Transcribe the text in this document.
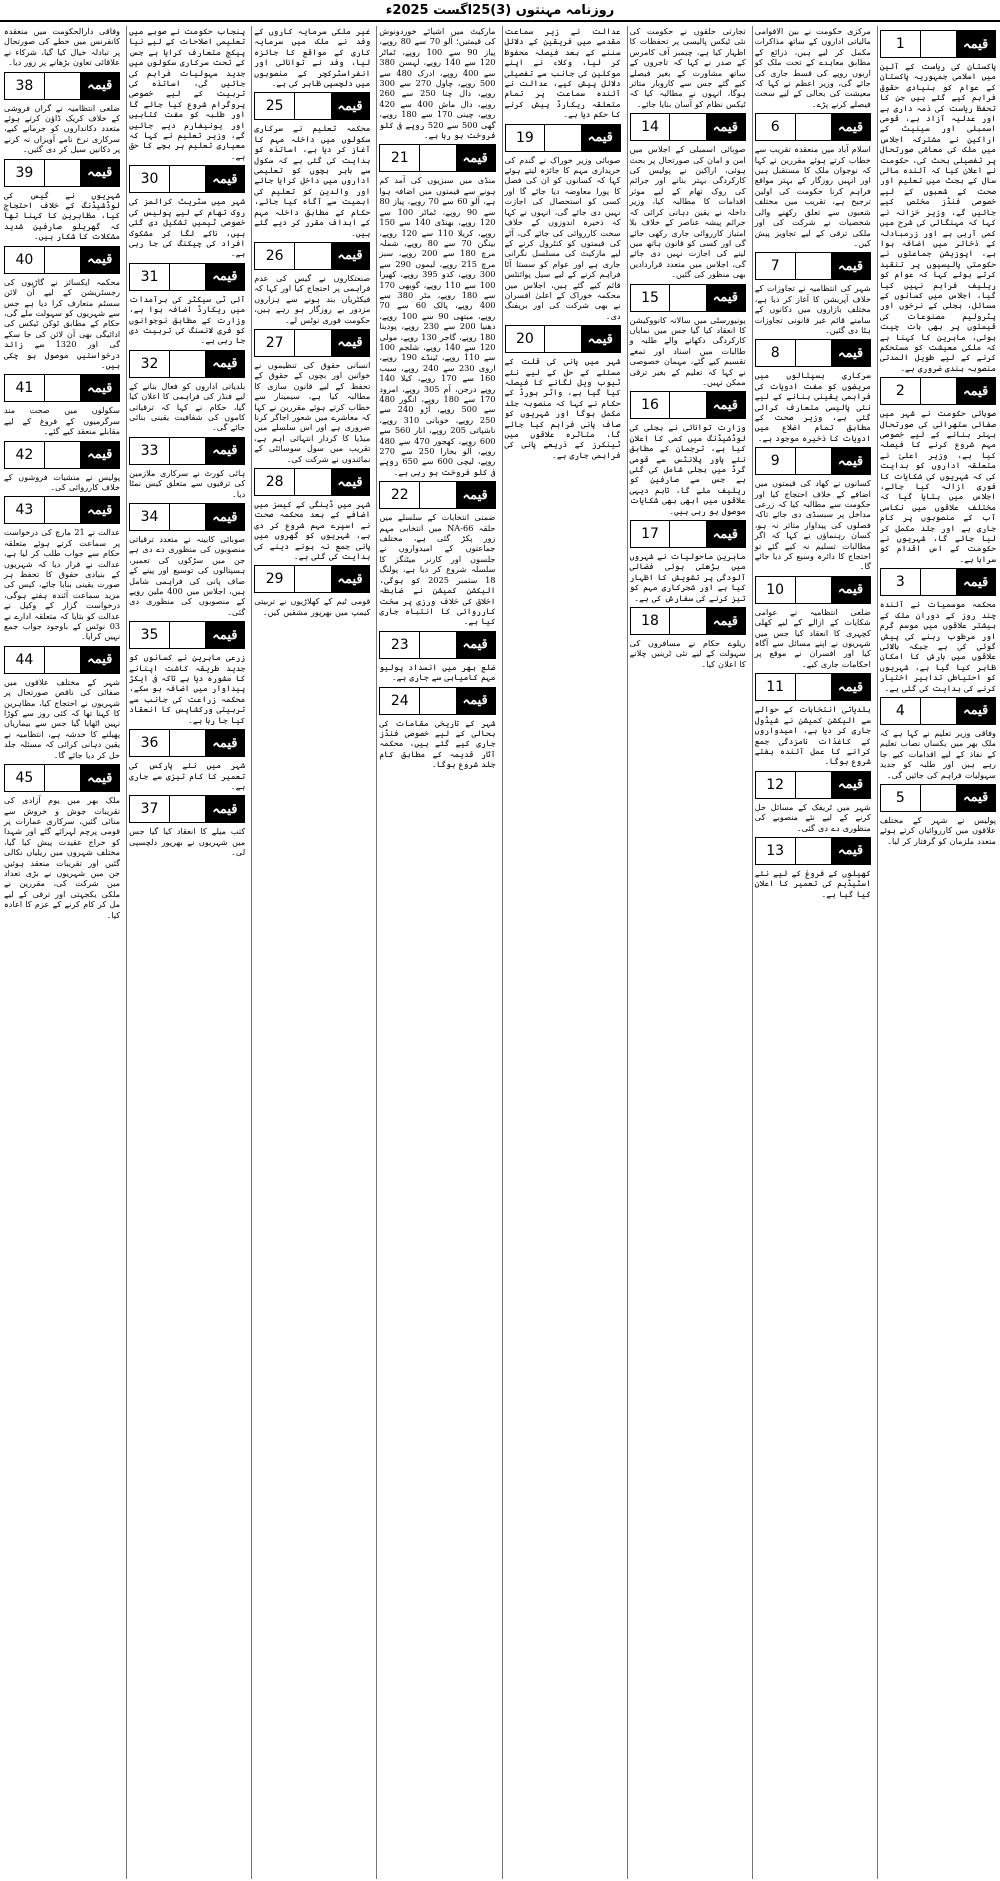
روزنامہ مہنتوں (3)25اگست 2025ء
قیمہ
1
پاکستان کی ریاست کے آئین میں اسلامی جمہوریہ پاکستان کے عوام کو بنیادی حقوق فراہم کیے گئے ہیں جن کا تحفظ ریاست کی ذمہ داری ہے اور عدلیہ آزاد ہے، قومی اسمبلی اور سینیٹ کے اراکین نے مشترکہ اجلاس میں ملک کی معاشی صورتحال پر تفصیلی بحث کی، حکومت نے اعلان کیا کہ آئندہ مالی سال کے بجٹ میں تعلیم اور صحت کے شعبوں کے لیے خصوصی فنڈز مختص کیے جائیں گے، وزیر خزانہ نے کہا کہ مہنگائی کی شرح میں کمی آرہی ہے اور زرمبادلہ کے ذخائر میں اضافہ ہوا ہے، اپوزیشن جماعتوں نے حکومتی پالیسیوں پر تنقید کرتے ہوئے کہا کہ عوام کو ریلیف فراہم نہیں کیا گیا، اجلاس میں کسانوں کے مسائل، بجلی کے نرخوں اور پٹرولیم مصنوعات کی قیمتوں پر بھی بات چیت ہوئی، ماہرین کا کہنا ہے کہ ملکی معیشت کو مستحکم کرنے کے لیے طویل المدتی منصوبہ بندی ضروری ہے۔
قیمہ
2
صوبائی حکومت نے شہر میں صفائی ستھرائی کی صورتحال بہتر بنانے کے لیے خصوصی مہم شروع کرنے کا فیصلہ کیا ہے، وزیر اعلیٰ نے متعلقہ اداروں کو ہدایت کی کہ شہریوں کی شکایات کا فوری ازالہ کیا جائے، اجلاس میں بتایا گیا کہ مختلف علاقوں میں نکاسی آب کے منصوبوں پر کام جاری ہے اور جلد مکمل کر لیا جائے گا، شہریوں نے حکومت کے اس اقدام کو سراہا ہے۔
قیمہ
3
محکمہ موسمیات نے آئندہ چند روز کے دوران ملک کے بیشتر علاقوں میں موسم گرم اور مرطوب رہنے کی پیش گوئی کی ہے جبکہ بالائی علاقوں میں بارش کا امکان ظاہر کیا گیا ہے، شہریوں کو احتیاطی تدابیر اختیار کرنے کی ہدایت کی گئی ہے۔
قیمہ
4
وفاقی وزیر تعلیم نے کہا ہے کہ ملک بھر میں یکساں نصاب تعلیم کے نفاذ کے لیے اقدامات کیے جا رہے ہیں اور طلبہ کو جدید سہولیات فراہم کی جائیں گی۔
قیمہ
5
پولیس نے شہر کے مختلف علاقوں میں کارروائیاں کرتے ہوئے متعدد ملزمان کو گرفتار کر لیا۔
مرکزی حکومت نے بین الاقوامی مالیاتی اداروں کے ساتھ مذاکرات مکمل کر لیے ہیں، ذرائع کے مطابق معاہدے کے تحت ملک کو اربوں روپے کی قسط جاری کی جائے گی، وزیر اعظم نے کہا کہ معیشت کی بحالی کے لیے سخت فیصلے کرنے پڑے۔
قیمہ
6
اسلام آباد میں منعقدہ تقریب سے خطاب کرتے ہوئے مقررین نے کہا کہ نوجوان ملک کا مستقبل ہیں اور انہیں روزگار کے بہتر مواقع فراہم کرنا حکومت کی اولین ترجیح ہے، تقریب میں مختلف شعبوں سے تعلق رکھنے والی شخصیات نے شرکت کی اور ملکی ترقی کے لیے تجاویز پیش کیں۔
قیمہ
7
شہر کی انتظامیہ نے تجاوزات کے خلاف آپریشن کا آغاز کر دیا ہے، مختلف بازاروں میں دکانوں کے سامنے قائم غیر قانونی تجاوزات ہٹا دی گئیں۔
قیمہ
8
سرکاری ہسپتالوں میں مریضوں کو مفت ادویات کی فراہمی یقینی بنانے کے لیے نئی پالیسی متعارف کرائی گئی ہے، وزیر صحت کے مطابق تمام اضلاع میں ادویات کا ذخیرہ موجود ہے۔
قیمہ
9
کسانوں نے کھاد کی قیمتوں میں اضافے کے خلاف احتجاج کیا اور حکومت سے مطالبہ کیا کہ زرعی مداخل پر سبسڈی دی جائے تاکہ فصلوں کی پیداوار متاثر نہ ہو، کسان رہنماؤں نے کہا کہ اگر مطالبات تسلیم نہ کیے گئے تو احتجاج کا دائرہ وسیع کر دیا جائے گا۔
قیمہ
10
ضلعی انتظامیہ نے عوامی شکایات کے ازالے کے لیے کھلی کچہری کا انعقاد کیا جس میں شہریوں نے اپنے مسائل سے آگاہ کیا اور افسران نے موقع پر احکامات جاری کیے۔
قیمہ
11
بلدیاتی انتخابات کے حوالے سے الیکشن کمیشن نے شیڈول جاری کر دیا ہے، امیدواروں کے کاغذات نامزدگی جمع کرانے کا عمل آئندہ ہفتے شروع ہوگا۔
قیمہ
12
شہر میں ٹریفک کے مسائل حل کرنے کے لیے نئے منصوبے کی منظوری دے دی گئی۔
قیمہ
13
کھیلوں کے فروغ کے لیے نئے اسٹیڈیم کی تعمیر کا اعلان کیا گیا ہے۔
تجارتی حلقوں نے حکومت کی نئی ٹیکس پالیسی پر تحفظات کا اظہار کیا ہے، چیمبر آف کامرس کے صدر نے کہا کہ تاجروں کے ساتھ مشاورت کے بغیر فیصلے کیے گئے جس سے کاروبار متاثر ہوگا، انہوں نے مطالبہ کیا کہ ٹیکس نظام کو آسان بنایا جائے۔
قیمہ
14
صوبائی اسمبلی کے اجلاس میں امن و امان کی صورتحال پر بحث ہوئی، اراکین نے پولیس کی کارکردگی بہتر بنانے اور جرائم کی روک تھام کے لیے موثر اقدامات کا مطالبہ کیا، وزیر داخلہ نے یقین دہانی کرائی کہ جرائم پیشہ عناصر کے خلاف بلا امتیاز کارروائی جاری رکھی جائے گی اور کسی کو قانون ہاتھ میں لینے کی اجازت نہیں دی جائے گی، اجلاس میں متعدد قراردادیں بھی منظور کی گئیں۔
قیمہ
15
یونیورسٹی میں سالانہ کانووکیشن کا انعقاد کیا گیا جس میں نمایاں کارکردگی دکھانے والے طلبہ و طالبات میں اسناد اور تمغے تقسیم کیے گئے، مہمان خصوصی نے کہا کہ تعلیم کے بغیر ترقی ممکن نہیں۔
قیمہ
16
وزارت توانائی نے بجلی کی لوڈشیڈنگ میں کمی کا اعلان کیا ہے، ترجمان کے مطابق نئے پاور پلانٹس سے قومی گرڈ میں بجلی شامل کی گئی ہے جس سے صارفین کو ریلیف ملے گا، تاہم دیہی علاقوں میں ابھی بھی شکایات موصول ہو رہی ہیں۔
قیمہ
17
ماہرین ماحولیات نے شہروں میں بڑھتی ہوئی فضائی آلودگی پر تشویش کا اظہار کیا ہے اور شجرکاری مہم کو تیز کرنے کی سفارش کی ہے۔
قیمہ
18
ریلوے حکام نے مسافروں کی سہولت کے لیے نئی ٹرینیں چلانے کا اعلان کیا۔
عدالت نے زیر سماعت مقدمے میں فریقین کے دلائل سننے کے بعد فیصلہ محفوظ کر لیا، وکلاء نے اپنے موکلین کی جانب سے تفصیلی دلائل پیش کیے، عدالت نے آئندہ سماعت پر تمام متعلقہ ریکارڈ پیش کرنے کا حکم دیا ہے۔
قیمہ
19
صوبائی وزیر خوراک نے گندم کی خریداری مہم کا جائزہ لیتے ہوئے کہا کہ کسانوں کو ان کی فصل کا پورا معاوضہ دیا جائے گا اور کسی کو استحصال کی اجازت نہیں دی جائے گی، انہوں نے کہا کہ ذخیرہ اندوزوں کے خلاف سخت کارروائی کی جائے گی، آٹے کی قیمتوں کو کنٹرول کرنے کے لیے مارکیٹ کی مسلسل نگرانی جاری ہے اور عوام کو سستا آٹا فراہم کرنے کے لیے سیل پوائنٹس قائم کیے گئے ہیں، اجلاس میں محکمہ خوراک کے اعلیٰ افسران نے بھی شرکت کی اور بریفنگ دی۔
قیمہ
20
شہر میں پانی کی قلت کے مسئلے کے حل کے لیے نئے ٹیوب ویل لگانے کا فیصلہ کیا گیا ہے، واٹر بورڈ کے حکام نے کہا کہ منصوبہ جلد مکمل ہوگا اور شہریوں کو صاف پانی فراہم کیا جائے گا، متاثرہ علاقوں میں ٹینکرز کے ذریعے پانی کی فراہمی جاری ہے۔
مارکیٹ میں اشیائے خوردونوش کی قیمتیں؛ آلو 70 سے 80 روپے، پیاز 90 سے 100 روپے، ٹماٹر 120 سے 140 روپے، لہسن 380 سے 400 روپے، ادرک 480 سے 500 روپے، چاول 270 سے 300 روپے، دال چنا 250 سے 260 روپے، دال ماش 400 سے 420 روپے، چینی 170 سے 180 روپے، گھی 500 سے 520 روپے فی کلو فروخت ہو رہا ہے۔
قیمہ
21
منڈی میں سبزیوں کی آمد کم ہونے سے قیمتوں میں اضافہ ہوا ہے، آلو 60 سے 70 روپے، پیاز 80 سے 90 روپے، ٹماٹر 100 سے 120 روپے، بھنڈی 140 سے 150 روپے، کریلا 110 سے 120 روپے، بینگن 70 سے 80 روپے، شملہ مرچ 180 سے 200 روپے، سبز مرچ 215 روپے، لیموں 290 سے 300 روپے، کدو 395 روپے، کھیرا 100 سے 110 روپے، گوبھی 170 سے 180 روپے، مٹر 380 سے 400 روپے، پالک 60 سے 70 روپے، میتھی 90 سے 100 روپے، دھنیا 200 سے 230 روپے، پودینا 180 روپے، گاجر 130 روپے، مولی 120 سے 140 روپے، شلجم 100 سے 110 روپے، ٹینڈے 190 روپے، اروی 230 سے 240 روپے، سیب 160 سے 170 روپے، کیلا 140 روپے درجن، آم 305 روپے، امرود 170 سے 180 روپے، انگور 480 سے 500 روپے، آڑو 240 سے 250 روپے، خوبانی 310 روپے، ناشپاتی 205 روپے، انار 560 سے 600 روپے، کھجور 470 سے 480 روپے، آلو بخارا 250 سے 270 روپے، لیچی 600 سے 650 روپے فی کلو فروخت ہو رہی ہے۔
قیمہ
22
ضمنی انتخابات کے سلسلے میں حلقہ NA-66 میں انتخابی مہم زور پکڑ گئی ہے، مختلف جماعتوں کے امیدواروں نے جلسوں اور کارنر میٹنگز کا سلسلہ شروع کر دیا ہے، پولنگ 18 ستمبر 2025 کو ہوگی، الیکشن کمیشن نے ضابطہ اخلاق کی خلاف ورزی پر سخت کارروائی کا انتباہ جاری کیا ہے۔
قیمہ
23
ضلع بھر میں انسداد پولیو مہم کامیابی سے جاری ہے۔
قیمہ
24
شہر کے تاریخی مقامات کی بحالی کے لیے خصوصی فنڈز جاری کیے گئے ہیں، محکمہ آثار قدیمہ کے مطابق کام جلد شروع ہوگا۔
غیر ملکی سرمایہ کاروں کے وفد نے ملک میں سرمایہ کاری کے مواقع کا جائزہ لیا، وفد نے توانائی اور انفراسٹرکچر کے منصوبوں میں دلچسپی ظاہر کی ہے۔
قیمہ
25
محکمہ تعلیم نے سرکاری سکولوں میں داخلہ مہم کا آغاز کر دیا ہے، اساتذہ کو ہدایت کی گئی ہے کہ سکول سے باہر بچوں کو تعلیمی اداروں میں داخل کرایا جائے اور والدین کو تعلیم کی اہمیت سے آگاہ کیا جائے، حکام کے مطابق داخلہ مہم کے اہداف مقرر کر دیے گئے ہیں۔
قیمہ
26
صنعتکاروں نے گیس کی عدم فراہمی پر احتجاج کیا اور کہا کہ فیکٹریاں بند ہونے سے ہزاروں مزدور بے روزگار ہو رہے ہیں، حکومت فوری نوٹس لے۔
قیمہ
27
انسانی حقوق کی تنظیموں نے خواتین اور بچوں کے حقوق کے تحفظ کے لیے قانون سازی کا مطالبہ کیا ہے، سیمینار سے خطاب کرتے ہوئے مقررین نے کہا کہ معاشرے میں شعور اجاگر کرنا ضروری ہے اور اس سلسلے میں میڈیا کا کردار انتہائی اہم ہے، تقریب میں سول سوسائٹی کے نمائندوں نے شرکت کی۔
قیمہ
28
شہر میں ڈینگی کے کیسز میں اضافے کے بعد محکمہ صحت نے اسپرے مہم شروع کر دی ہے، شہریوں کو گھروں میں پانی جمع نہ ہونے دینے کی ہدایت کی گئی ہے۔
قیمہ
29
قومی ٹیم کے کھلاڑیوں نے تربیتی کیمپ میں بھرپور مشقیں کیں۔
پنجاب حکومت نے صوبے میں تعلیمی اصلاحات کے لیے نیا پیکج متعارف کرایا ہے جس کے تحت سرکاری سکولوں میں جدید سہولیات فراہم کی جائیں گی، اساتذہ کی تربیت کے لیے خصوصی پروگرام شروع کیا جائے گا اور طلبہ کو مفت کتابیں اور یونیفارم دیے جائیں گے، وزیر تعلیم نے کہا کہ معیاری تعلیم ہر بچے کا حق ہے۔
قیمہ
30
شہر میں سٹریٹ کرائمز کی روک تھام کے لیے پولیس کی خصوصی ٹیمیں تشکیل دی گئی ہیں، ناکے لگا کر مشکوک افراد کی چیکنگ کی جا رہی ہے۔
قیمہ
31
آئی ٹی سیکٹر کی برآمدات میں ریکارڈ اضافہ ہوا ہے، وزارت کے مطابق نوجوانوں کو فری لانسنگ کی تربیت دی جا رہی ہے۔
قیمہ
32
بلدیاتی اداروں کو فعال بنانے کے لیے فنڈز کی فراہمی کا اعلان کیا گیا، حکام نے کہا کہ ترقیاتی کاموں کی شفافیت یقینی بنائی جائے گی۔
قیمہ
33
ہائی کورٹ نے سرکاری ملازمین کی ترقیوں سے متعلق کیس نمٹا دیا۔
قیمہ
34
صوبائی کابینہ نے متعدد ترقیاتی منصوبوں کی منظوری دے دی ہے جن میں سڑکوں کی تعمیر، ہسپتالوں کی توسیع اور پینے کے صاف پانی کی فراہمی شامل ہیں، اجلاس میں 400 ملین روپے کے منصوبوں کی منظوری دی گئی۔
قیمہ
35
زرعی ماہرین نے کسانوں کو جدید طریقہ کاشت اپنانے کا مشورہ دیا ہے تاکہ فی ایکڑ پیداوار میں اضافہ ہو سکے، محکمہ زراعت کی جانب سے تربیتی ورکشاپس کا انعقاد کیا جا رہا ہے۔
قیمہ
36
شہر میں نئے پارکس کی تعمیر کا کام تیزی سے جاری ہے۔
قیمہ
37
کتب میلے کا انعقاد کیا گیا جس میں شہریوں نے بھرپور دلچسپی لی۔
وفاقی دارالحکومت میں منعقدہ کانفرنس میں خطے کی صورتحال پر تبادلہ خیال کیا گیا، شرکاء نے علاقائی تعاون بڑھانے پر زور دیا۔
قیمہ
38
ضلعی انتظامیہ نے گراں فروشی کے خلاف کریک ڈاؤن کرتے ہوئے متعدد دکانداروں کو جرمانے کیے، سرکاری نرخ نامے آویزاں نہ کرنے پر دکانیں سیل کر دی گئیں۔
قیمہ
39
شہریوں نے گیس کی لوڈشیڈنگ کے خلاف احتجاج کیا، مظاہرین کا کہنا تھا کہ گھریلو صارفین شدید مشکلات کا شکار ہیں۔
قیمہ
40
محکمہ ایکسائز نے گاڑیوں کی رجسٹریشن کے لیے آن لائن سسٹم متعارف کرا دیا ہے جس سے شہریوں کو سہولت ملے گی، حکام کے مطابق ٹوکن ٹیکس کی ادائیگی بھی آن لائن کی جا سکے گی اور 1320 سے زائد درخواستیں موصول ہو چکی ہیں۔
قیمہ
41
سکولوں میں صحت مند سرگرمیوں کے فروغ کے لیے مقابلے منعقد کیے گئے۔
قیمہ
42
پولیس نے منشیات فروشوں کے خلاف کارروائی کی۔
قیمہ
43
عدالت نے 21 مارچ کی درخواست پر سماعت کرتے ہوئے متعلقہ حکام سے جواب طلب کر لیا ہے، عدالت نے قرار دیا کہ شہریوں کے بنیادی حقوق کا تحفظ ہر صورت یقینی بنایا جائے، کیس کی مزید سماعت آئندہ ہفتے ہوگی، درخواست گزار کے وکیل نے عدالت کو بتایا کہ متعلقہ ادارے نے 03 نوٹس کے باوجود جواب جمع نہیں کرایا۔
قیمہ
44
شہر کے مختلف علاقوں میں صفائی کی ناقص صورتحال پر شہریوں نے احتجاج کیا، مظاہرین کا کہنا تھا کہ کئی روز سے کوڑا نہیں اٹھایا گیا جس سے بیماریاں پھیلنے کا خدشہ ہے، انتظامیہ نے یقین دہانی کرائی کہ مسئلہ جلد حل کر دیا جائے گا۔
قیمہ
45
ملک بھر میں یوم آزادی کی تقریبات جوش و خروش سے منائی گئیں، سرکاری عمارات پر قومی پرچم لہرائے گئے اور شہدا کو خراج عقیدت پیش کیا گیا، مختلف شہروں میں ریلیاں نکالی گئیں اور تقریبات منعقد ہوئیں جن میں شہریوں نے بڑی تعداد میں شرکت کی، مقررین نے ملکی یکجہتی اور ترقی کے لیے مل کر کام کرنے کے عزم کا اعادہ کیا۔
